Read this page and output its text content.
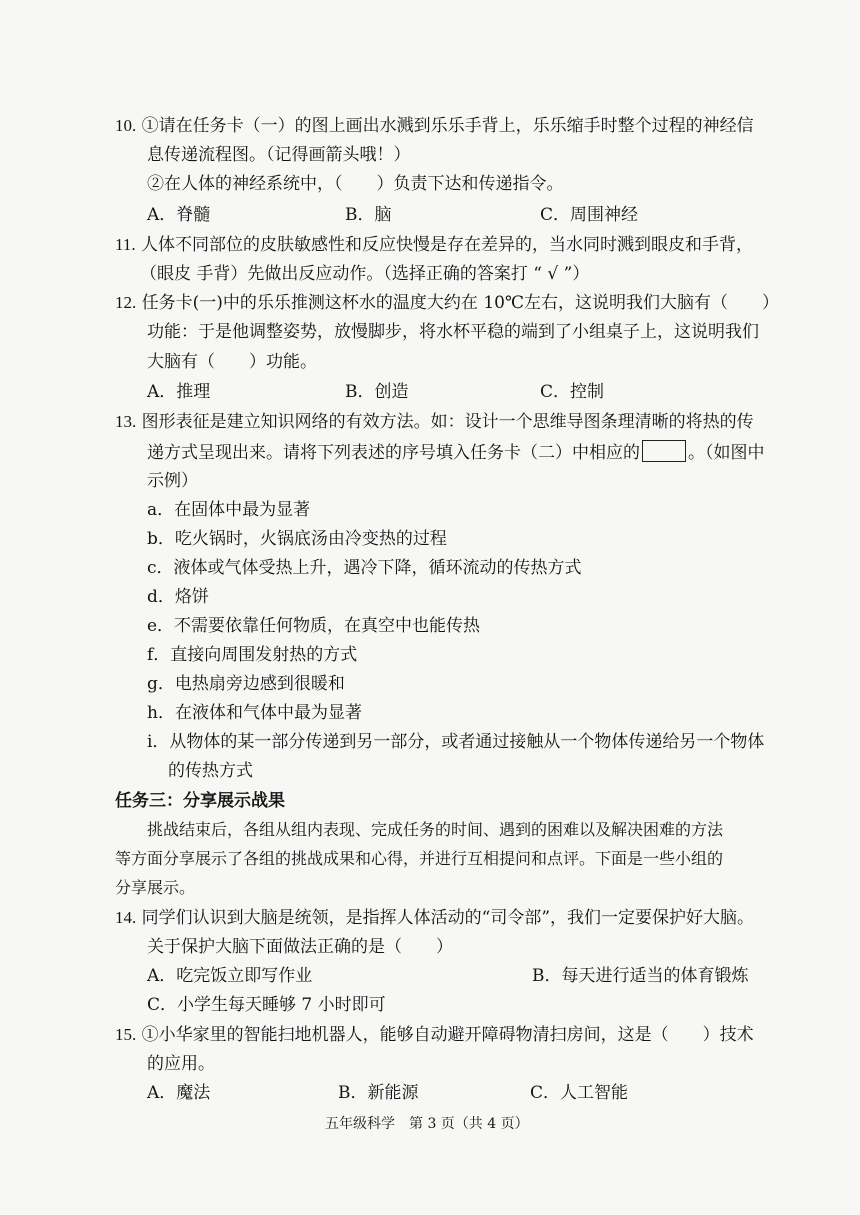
10. ①请在任务卡（一）的图上画出水溅到乐乐手背上，乐乐缩手时整个过程的神经信
息传递流程图。（记得画箭头哦！）
②在人体的神经系统中，（　　）负责下达和传递指令。
A．脊髓	B．脑	C．周围神经
11. 人体不同部位的皮肤敏感性和反应快慢是存在差异的，当水同时溅到眼皮和手背，
（眼皮 手背）先做出反应动作。（选择正确的答案打 “ √ ”）
12. 任务卡(一)中的乐乐推测这杯水的温度大约在 10℃左右，这说明我们大脑有（　　）
功能：于是他调整姿势，放慢脚步，将水杯平稳的端到了小组桌子上，这说明我们
大脑有（　　）功能。
A．推理	B．创造	C．控制
13. 图形表征是建立知识网络的有效方法。如：设计一个思维导图条理清晰的将热的传
递方式呈现出来。请将下列表述的序号填入任务卡（二）中相应的	。（如图中
示例）
a．在固体中最为显著
b．吃火锅时，火锅底汤由冷变热的过程
c．液体或气体受热上升，遇冷下降，循环流动的传热方式
d．烙饼
e．不需要依靠任何物质，在真空中也能传热
f．直接向周围发射热的方式
g．电热扇旁边感到很暖和
h．在液体和气体中最为显著
i．从物体的某一部分传递到另一部分，或者通过接触从一个物体传递给另一个物体
的传热方式
任务三：分享展示战果
挑战结束后，各组从组内表现、完成任务的时间、遇到的困难以及解决困难的方法
等方面分享展示了各组的挑战成果和心得，并进行互相提问和点评。下面是一些小组的
分享展示。
14. 同学们认识到大脑是统领，是指挥人体活动的“司令部”，我们一定要保护好大脑。
关于保护大脑下面做法正确的是（　　）
A．吃完饭立即写作业	B．每天进行适当的体育锻炼
C．小学生每天睡够 7 小时即可
15. ①小华家里的智能扫地机器人，能够自动避开障碍物清扫房间，这是（　　）技术
的应用。
A．魔法	B．新能源	C．人工智能
五年级科学　第 3 页（共 4 页）
